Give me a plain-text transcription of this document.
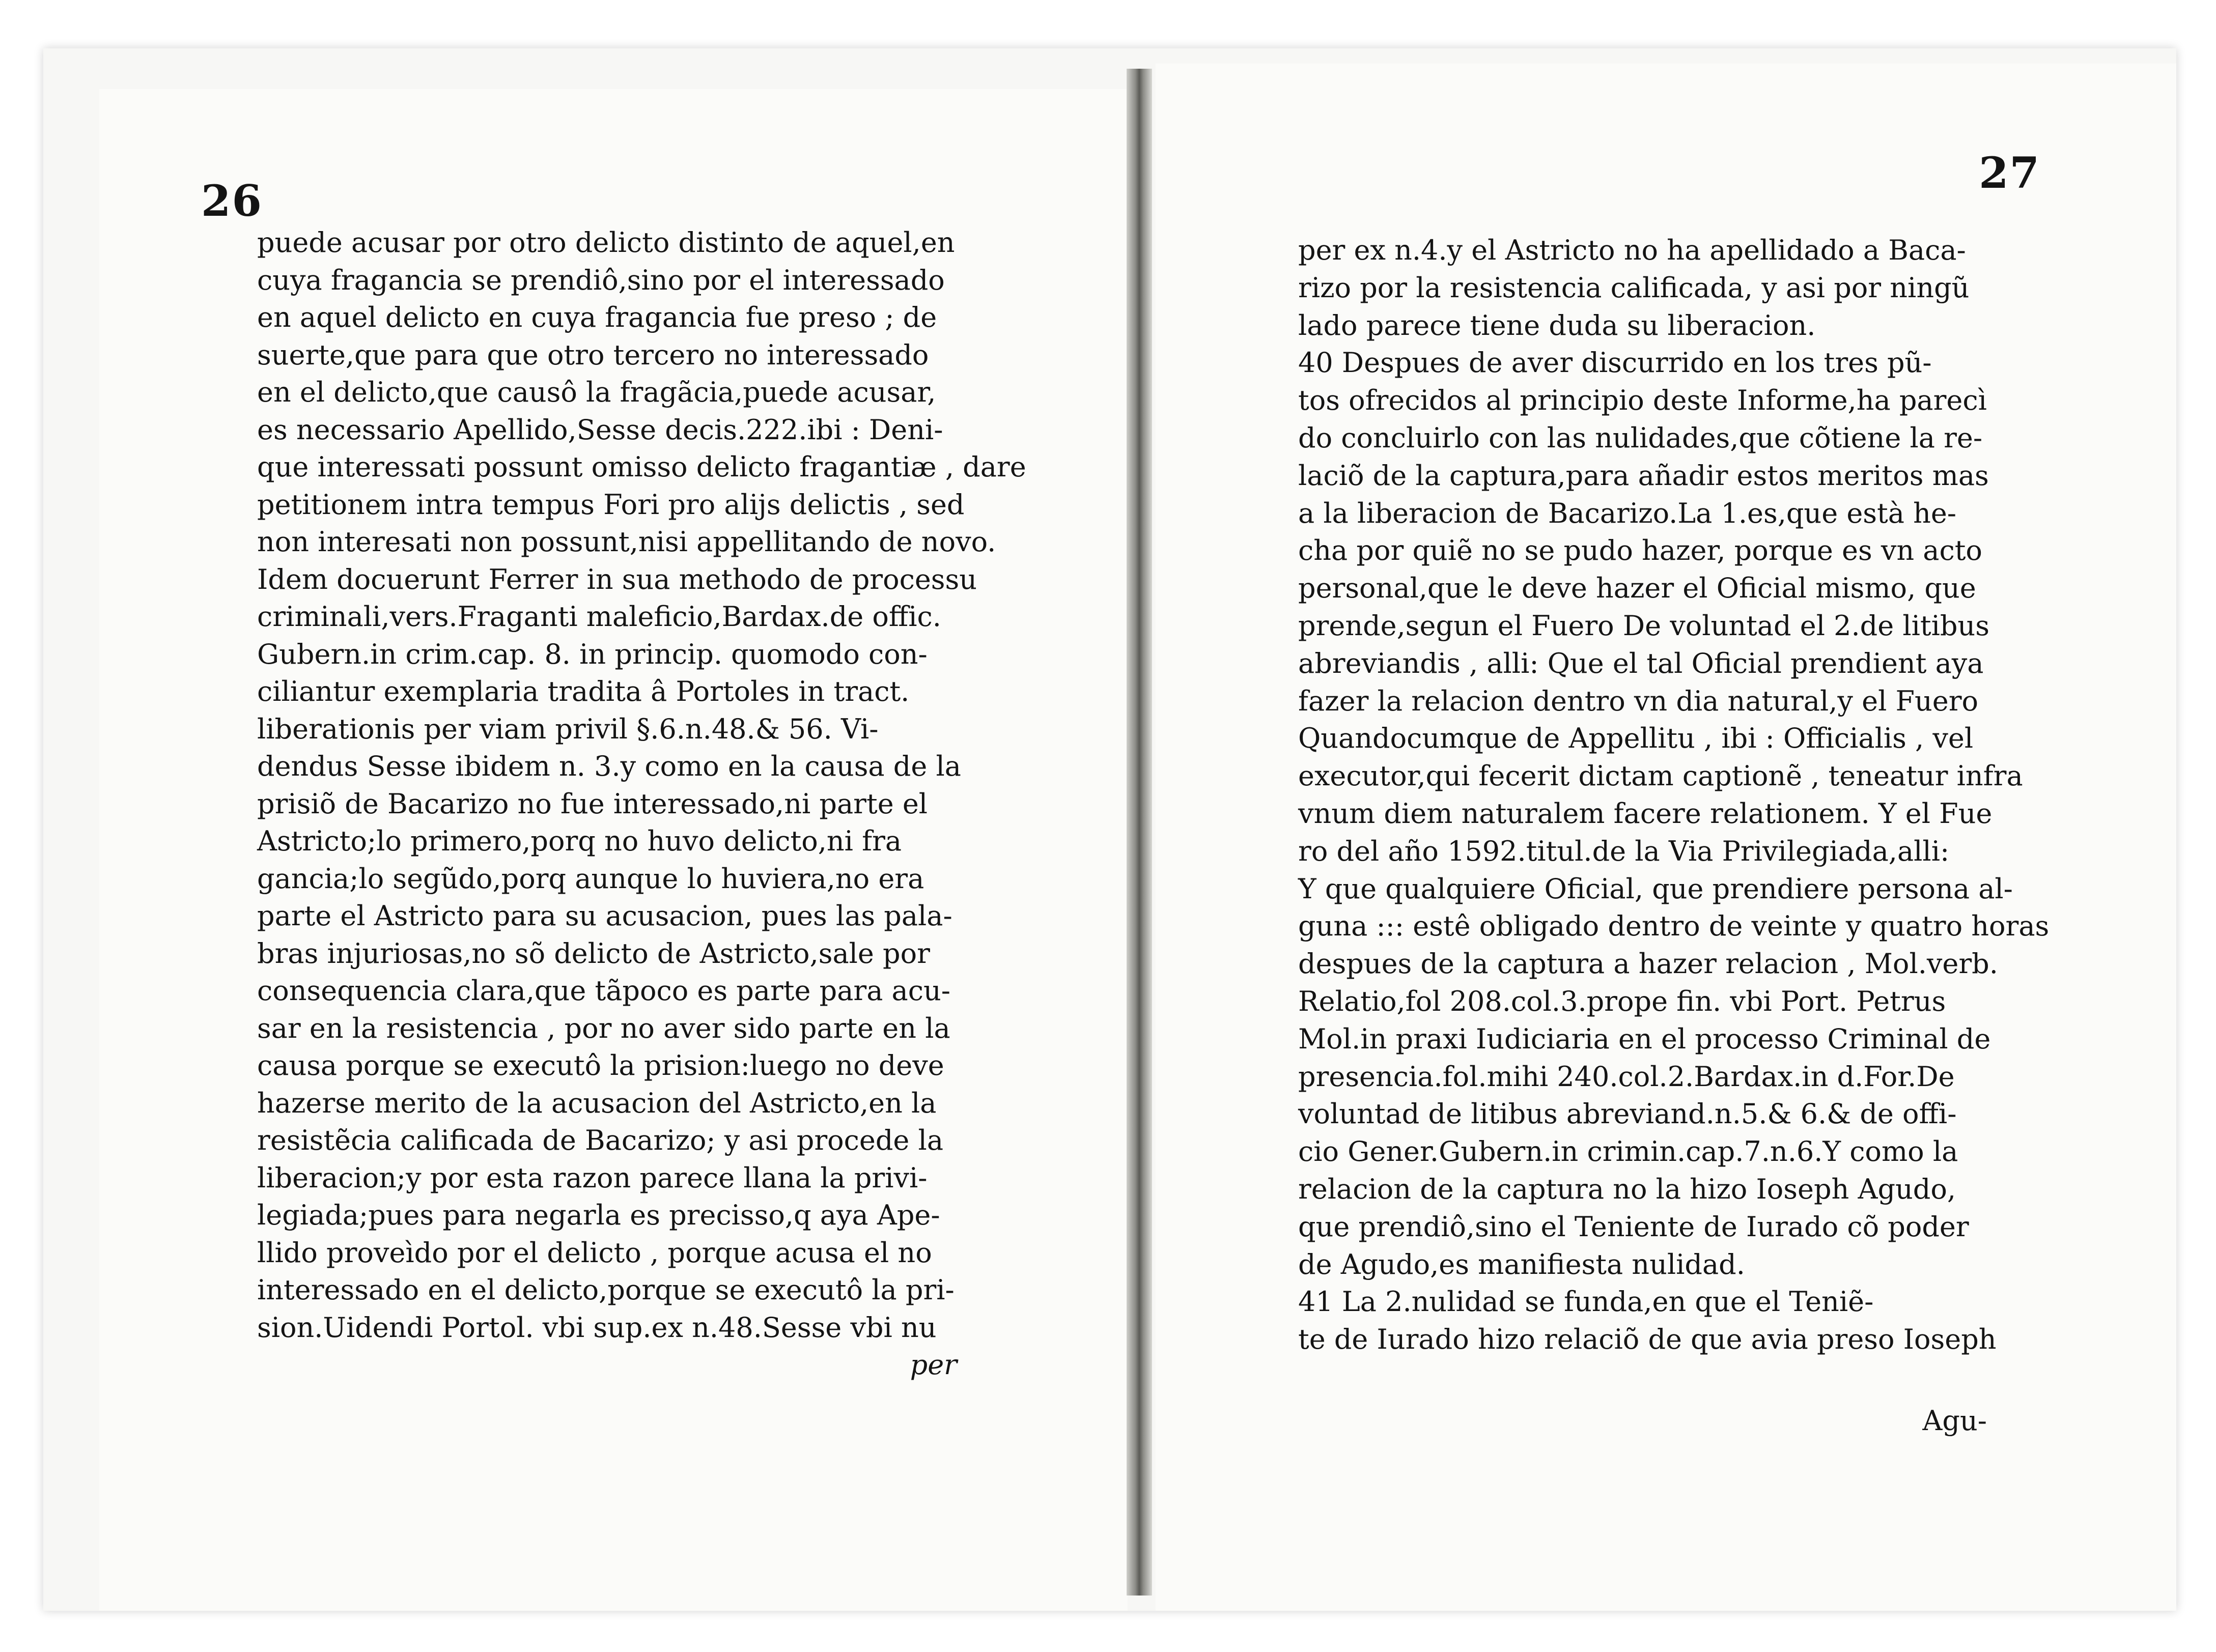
26
27
puede acusar por otro delicto distinto de aquel,en
cuya fragancia se prendiô,sino por el interessado
en aquel delicto en cuya fragancia fue preso ; de
suerte,que para que otro tercero no interessado
en el delicto,que causô la fragãcia,puede acusar,
es necessario Apellido,Sesse decis.222.ibi : Deni-
que interessati possunt omisso delicto fragantiæ , dare
petitionem intra tempus Fori pro alijs delictis , sed
non interesati non possunt,nisi appellitando de novo.
Idem docuerunt Ferrer in sua methodo de processu
criminali,vers.Fraganti maleficio,Bardax.de offic.
Gubern.in crim.cap. 8. in princip. quomodo con-
ciliantur exemplaria tradita â Portoles in tract.
liberationis per viam privil §.6.n.48.& 56. Vi-
dendus Sesse ibidem n. 3.y como en la causa de la
prisiõ de Bacarizo no fue interessado,ni parte el
Astricto;lo primero,porq no huvo delicto,ni fra
gancia;lo segũdo,porq aunque lo huviera,no era
parte el Astricto para su acusacion, pues las pala-
bras injuriosas,no sõ delicto de Astricto,sale por
consequencia clara,que tãpoco es parte para acu-
sar en la resistencia , por no aver sido parte en la
causa porque se executô la prision:luego no deve
hazerse merito de la acusacion del Astricto,en la
resistẽcia calificada de Bacarizo; y asi procede la
liberacion;y por esta razon parece llana la privi-
legiada;pues para negarla es precisso,q aya Ape-
llido proveìdo por el delicto , porque acusa el no
interessado en el delicto,porque se executô la pri-
sion.Uidendi Portol. vbi sup.ex n.48.Sesse vbi nu
per
per ex n.4.y el Astricto no ha apellidado a Baca-
rizo por la resistencia calificada, y asi por ningũ
lado parece tiene duda su liberacion.
40 Despues de aver discurrido en los tres pũ-
tos ofrecidos al principio deste Informe,ha parecì
do concluirlo con las nulidades,que cõtiene la re-
laciõ de la captura,para añadir estos meritos mas
a la liberacion de Bacarizo.La 1.es,que està he-
cha por quiẽ no se pudo hazer, porque es vn acto
personal,que le deve hazer el Oficial mismo, que
prende,segun el Fuero De voluntad el 2.de litibus
abreviandis , alli: Que el tal Oficial prendient aya
fazer la relacion dentro vn dia natural,y el Fuero
Quandocumque de Appellitu , ibi : Officialis , vel
executor,qui fecerit dictam captionẽ , teneatur infra
vnum diem naturalem facere relationem. Y el Fue
ro del año 1592.titul.de la Via Privilegiada,alli:
Y que qualquiere Oficial, que prendiere persona al-
guna ::: estê obligado dentro de veinte y quatro horas
despues de la captura a hazer relacion , Mol.verb.
Relatio,fol 208.col.3.prope fin. vbi Port. Petrus
Mol.in praxi Iudiciaria en el processo Criminal de
presencia.fol.mihi 240.col.2.Bardax.in d.For.De
voluntad de litibus abreviand.n.5.& 6.& de offi-
cio Gener.Gubern.in crimin.cap.7.n.6.Y como la
relacion de la captura no la hizo Ioseph Agudo,
que prendiô,sino el Teniente de Iurado cõ poder
de Agudo,es manifiesta nulidad.
41 La 2.nulidad se funda,en que el Teniẽ-
te de Iurado hizo relaciõ de que avia preso Ioseph
Agu-
